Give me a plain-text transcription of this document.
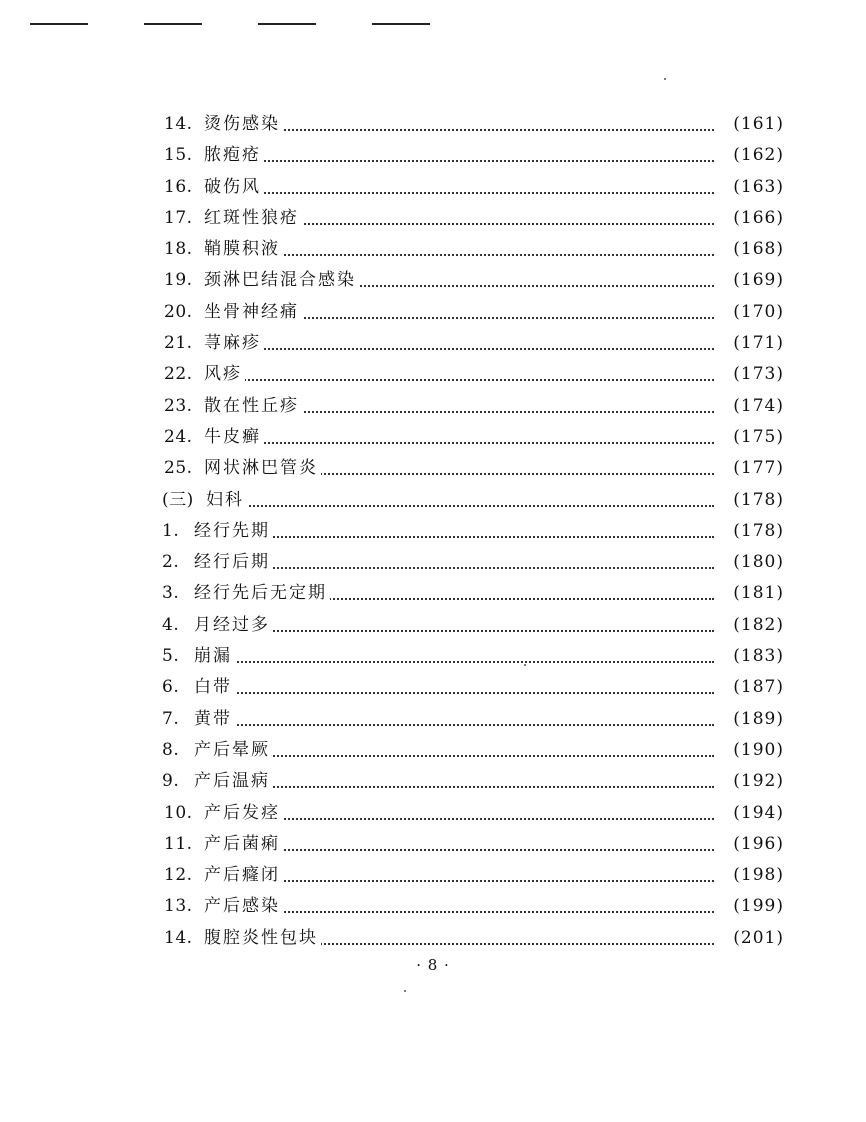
14. 烫伤感染	(161)
15. 脓疱疮	(162)
16. 破伤风	(163)
17. 红斑性狼疮	(166)
18. 鞘膜积液	(168)
19. 颈淋巴结混合感染	(169)
20. 坐骨神经痛	(170)
21. 荨麻疹	(171)
22. 风疹	(173)
23. 散在性丘疹	(174)
24. 牛皮癣	(175)
25. 网状淋巴管炎	(177)
(三) 妇科	(178)
1. 经行先期	(178)
2. 经行后期	(180)
3. 经行先后无定期	(181)
4. 月经过多	(182)
5. 崩漏	(183)
6. 白带	(187)
7. 黄带	(189)
8. 产后晕厥	(190)
9. 产后温病	(192)
10. 产后发痉	(194)
11. 产后菌痢	(196)
12. 产后癃闭	(198)
13. 产后感染	(199)
14. 腹腔炎性包块	(201)
· 8 ·
